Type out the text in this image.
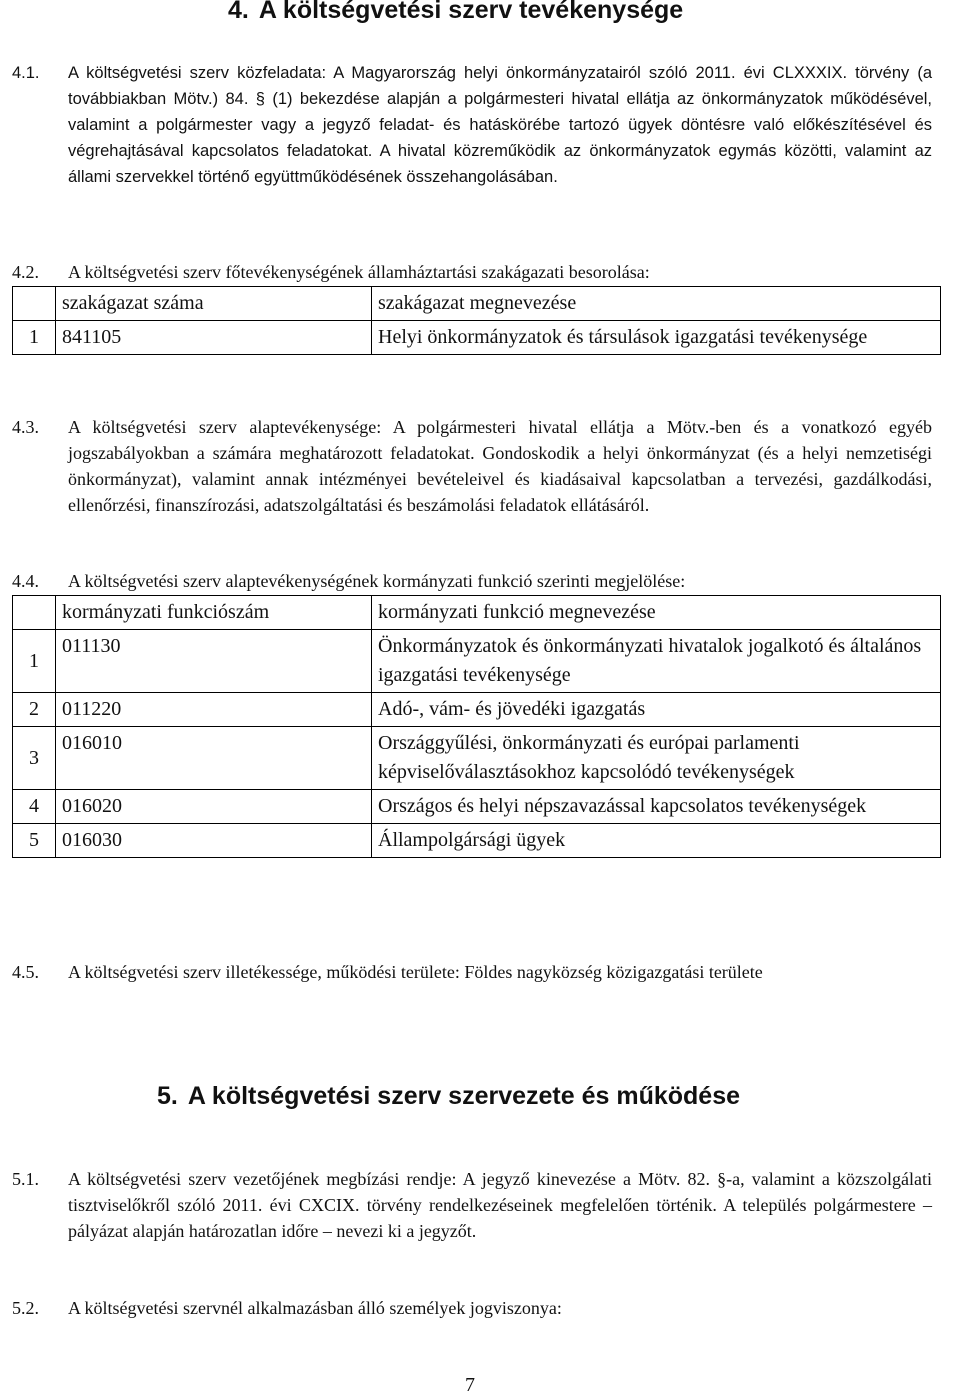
4. A költségvetési szerv tevékenysége
4.1. A költségvetési szerv közfeladata: A Magyarország helyi önkormányzatairól szóló 2011. évi CLXXXIX. törvény (a továbbiakban Mötv.) 84. § (1) bekezdése alapján a polgármesteri hivatal ellátja az önkormányzatok működésével, valamint a polgármester vagy a jegyző feladat- és hatáskörébe tartozó ügyek döntésre való előkészítésével és végrehajtásával kapcsolatos feladatokat. A hivatal közreműködik az önkormányzatok egymás közötti, valamint az állami szervekkel történő együttműködésének összehangolásában.
4.2. A költségvetési szerv főtevékenységének államháztartási szakágazati besorolása:
	szakágazat száma	szakágazat megnevezése
1	841105	Helyi önkormányzatok és társulások igazgatási tevékenysége
4.3. A költségvetési szerv alaptevékenysége: A polgármesteri hivatal ellátja a Mötv.-ben és a vonatkozó egyéb jogszabályokban a számára meghatározott feladatokat. Gondoskodik a helyi önkormányzat (és a helyi nemzetiségi önkormányzat), valamint annak intézményei bevételeivel és kiadásaival kapcsolatban a tervezési, gazdálkodási, ellenőrzési, finanszírozási, adatszolgáltatási és beszámolási feladatok ellátásáról.
4.4. A költségvetési szerv alaptevékenységének kormányzati funkció szerinti megjelölése:
	kormányzati funkciószám	kormányzati funkció megnevezése
1	011130	Önkormányzatok és önkormányzati hivatalok jogalkotó és általános igazgatási tevékenysége
2	011220	Adó-, vám- és jövedéki igazgatás
3	016010	Országgyűlési, önkormányzati és európai parlamenti képviselőválasztásokhoz kapcsolódó tevékenységek
4	016020	Országos és helyi népszavazással kapcsolatos tevékenységek
5	016030	Állampolgársági ügyek
4.5. A költségvetési szerv illetékessége, működési területe: Földes nagyközség közigazgatási területe
5. A költségvetési szerv szervezete és működése
5.1. A költségvetési szerv vezetőjének megbízási rendje: A jegyző kinevezése a Mötv. 82. §-a, valamint a közszolgálati tisztviselőkről szóló 2011. évi CXCIX. törvény rendelkezéseinek megfelelően történik. A település polgármestere – pályázat alapján határozatlan időre – nevezi ki a jegyzőt.
5.2. A költségvetési szervnél alkalmazásban álló személyek jogviszonya:
7
